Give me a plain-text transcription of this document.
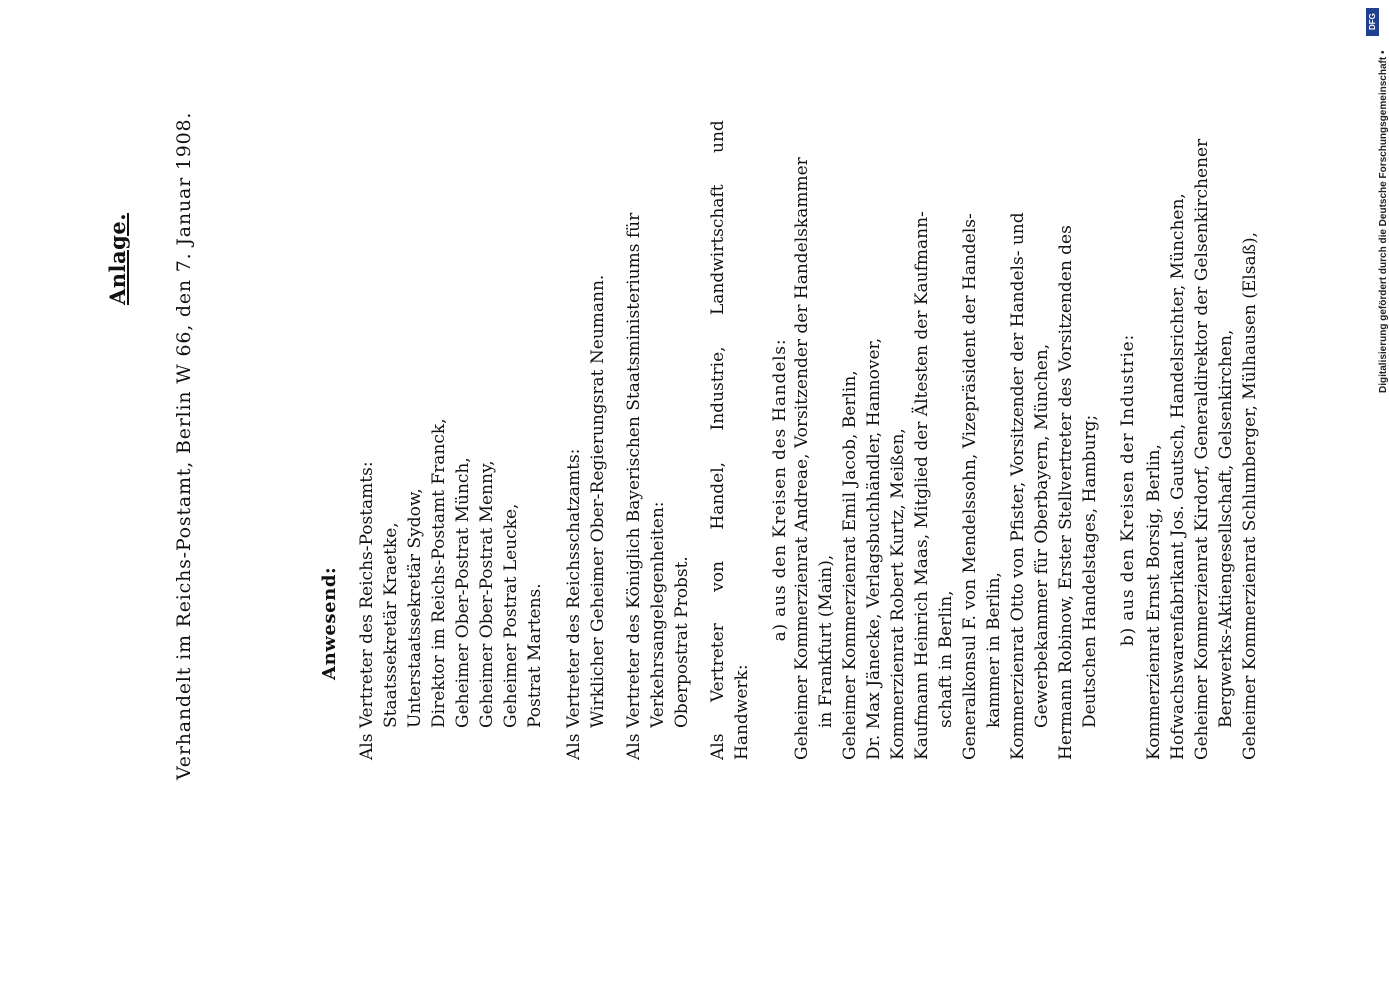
Anlage. Verhandelt im Reichs-Postamt, Berlin W 66, den 7. Januar 1908.	Anwesend: Als Vertreter des Reichs-Postamts: Staatssekretär Kraetke, Unterstaatssekretär Sydow, Direktor im Reichs-Postamt Franck, Geheimer Ober-Postrat Münch, Geheimer Ober-Postrat Menny, Geheimer Postrat Leucke, Postrat Martens. Als Vertreter des Reichsschatzamts: Wirklicher Geheimer Ober-Regierungsrat Neumann. Als Vertreter des Königlich Bayerischen Staatsministeriums für Verkehrsangelegenheiten: Oberpostrat Probst. Als Vertreter von Handel, Industrie, Landwirtschaft und Handwerk:
a) aus den Kreisen des Handels: Geheimer Kommerzienrat Andreae, Vorsitzender der Handelskammer in Frankfurt (Main), Geheimer Kommerzienrat Emil Jacob, Berlin, Dr. Max Jänecke, Verlagsbuchhändler, Hannover, Kommerzienrat Robert Kurtz, Meißen, Kaufmann Heinrich Maas, Mitglied der Ältesten der Kaufmann- schaft in Berlin, Generalkonsul F. von Mendelssohn, Vizepräsident der Handels- kammer in Berlin, Kommerzienrat Otto von Pfister, Vorsitzender der Handels- und Gewerbekammer für Oberbayern, München, Hermann Robinow, Erster Stellvertreter des Vorsitzenden des Deutschen Handelstages, Hamburg; b) aus den Kreisen der Industrie: Kommerzienrat Ernst Borsig, Berlin, Hofwachswarenfabrikant Jos. Gautsch, Handelsrichter, München, Geheimer Kommerzienrat Kirdorf, Generaldirektor der Gelsenkirchener Bergwerks-Aktiengesellschaft, Gelsenkirchen, Geheimer Kommerzienrat Schlumberger, Mülhausen (Elsaß),
DFG
Digitalisierung gefördert durch die Deutsche Forschungsgemeinschaft •
